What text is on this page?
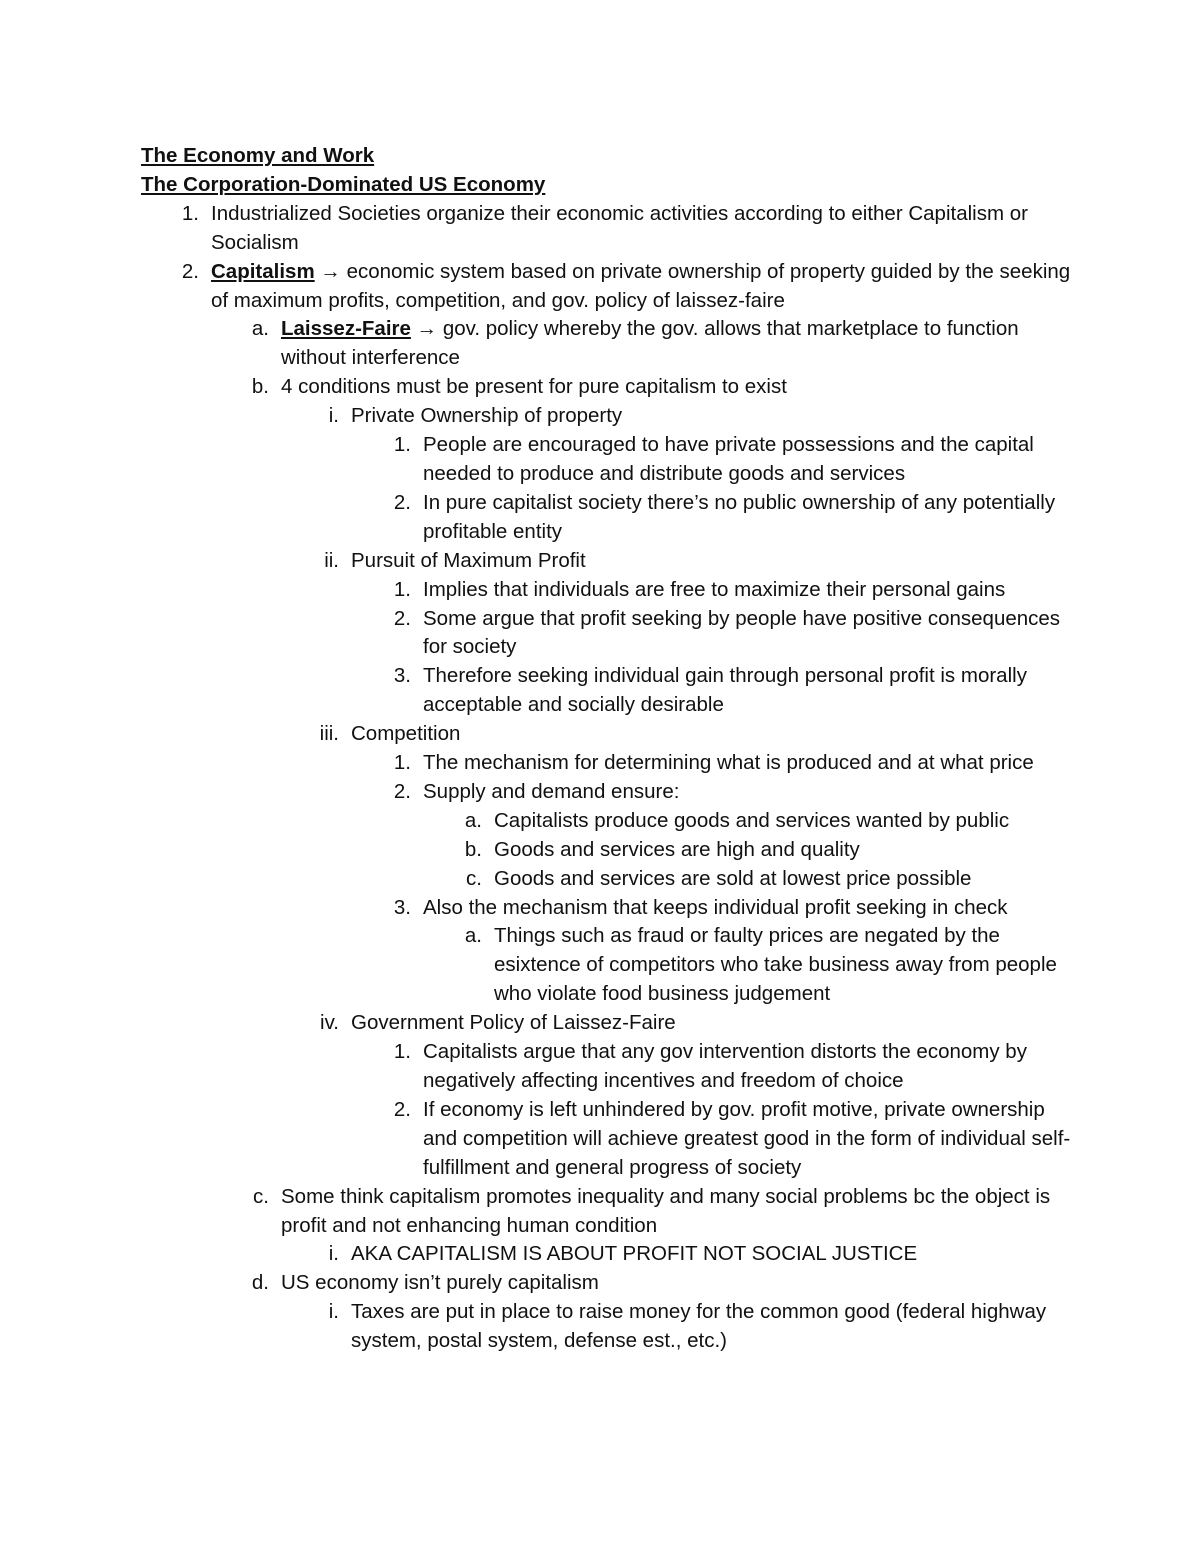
The Economy and Work
The Corporation-Dominated US Economy
1. Industrialized Societies organize their economic activities according to either Capitalism or Socialism
2. Capitalism → economic system based on private ownership of property guided by the seeking of maximum profits, competition, and gov. policy of laissez-faire
a. Laissez-Faire → gov. policy whereby the gov. allows that marketplace to function without interference
b. 4 conditions must be present for pure capitalism to exist
i. Private Ownership of property
1. People are encouraged to have private possessions and the capital needed to produce and distribute goods and services
2. In pure capitalist society there’s no public ownership of any potentially profitable entity
ii. Pursuit of Maximum Profit
1. Implies that individuals are free to maximize their personal gains
2. Some argue that profit seeking by people have positive consequences for society
3. Therefore seeking individual gain through personal profit is morally acceptable and socially desirable
iii. Competition
1. The mechanism for determining what is produced and at what price
2. Supply and demand ensure:
a. Capitalists produce goods and services wanted by public
b. Goods and services are high and quality
c. Goods and services are sold at lowest price possible
3. Also the mechanism that keeps individual profit seeking in check
a. Things such as fraud or faulty prices are negated by the esixtence of competitors who take business away from people who violate food business judgement
iv. Government Policy of Laissez-Faire
1. Capitalists argue that any gov intervention distorts the economy by negatively affecting incentives and freedom of choice
2. If economy is left unhindered by gov. profit motive, private ownership and competition will achieve greatest good in the form of individual self-fulfillment and general progress of society
c. Some think capitalism promotes inequality and many social problems bc the object is profit and not enhancing human condition
i. AKA CAPITALISM IS ABOUT PROFIT NOT SOCIAL JUSTICE
d. US economy isn’t purely capitalism
i. Taxes are put in place to raise money for the common good (federal highway system, postal system, defense est., etc.)
